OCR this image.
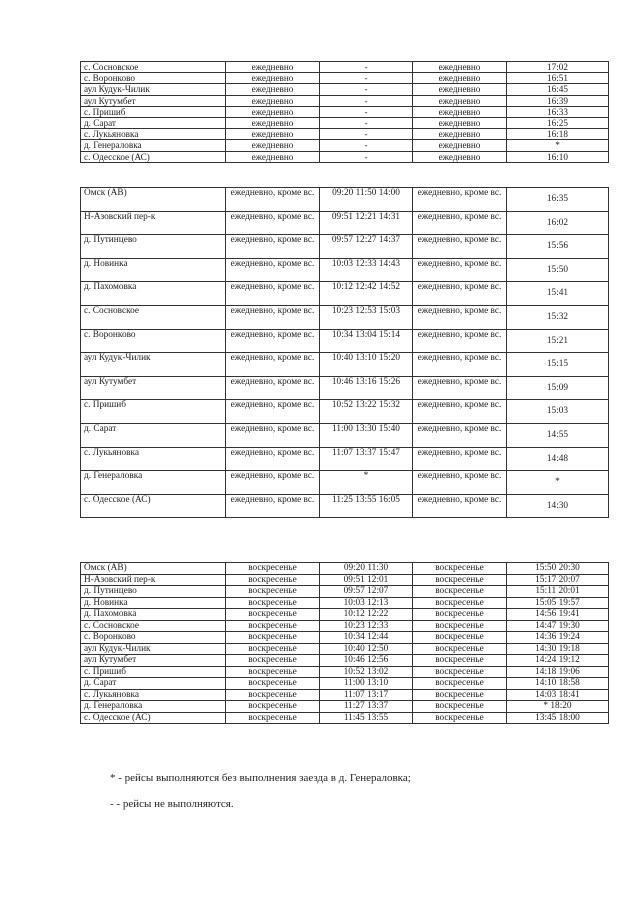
с. Сосновское	ежедневно	-	ежедневно	17:02
с. Воронково	ежедневно	-	ежедневно	16:51
аул Кудук-Чилик	ежедневно	-	ежедневно	16:45
аул Кутумбет	ежедневно	-	ежедневно	16:39
с. Пришиб	ежедневно	-	ежедневно	16:33
д. Сарат	ежедневно	-	ежедневно	16:25
с. Лукьяновка	ежедневно	-	ежедневно	16:18
д. Генераловка	ежедневно	-	ежедневно	*
с. Одесское (АС)	ежедневно	-	ежедневно	16:10
Омск (АВ)	ежедневно, кроме вс.	09:20 11:50 14:00	ежедневно, кроме вс.	16:35
Н-Азовский пер-к	ежедневно, кроме вс.	09:51 12:21 14:31	ежедневно, кроме вс.	16:02
д. Путинцево	ежедневно, кроме вс.	09:57 12:27 14:37	ежедневно, кроме вс.	15:56
д. Новинка	ежедневно, кроме вс.	10:03 12:33 14:43	ежедневно, кроме вс.	15:50
д. Пахомовка	ежедневно, кроме вс.	10:12 12:42 14:52	ежедневно, кроме вс.	15:41
с. Сосновское	ежедневно, кроме вс.	10:23 12:53 15:03	ежедневно, кроме вс.	15:32
с. Воронково	ежедневно, кроме вс.	10:34 13:04 15:14	ежедневно, кроме вс.	15:21
аул Кудук-Чилик	ежедневно, кроме вс.	10:40 13:10 15:20	ежедневно, кроме вс.	15:15
аул Кутумбет	ежедневно, кроме вс.	10:46 13:16 15:26	ежедневно, кроме вс.	15:09
с. Пришиб	ежедневно, кроме вс.	10:52 13:22 15:32	ежедневно, кроме вс.	15:03
д. Сарат	ежедневно, кроме вс.	11:00 13:30 15:40	ежедневно, кроме вс.	14:55
с. Лукьяновка	ежедневно, кроме вс.	11:07 13:37 15:47	ежедневно, кроме вс.	14:48
д. Генераловка	ежедневно, кроме вс.	*	ежедневно, кроме вс.	*
с. Одесское (АС)	ежедневно, кроме вс.	11:25 13:55 16:05	ежедневно, кроме вс.	14:30
Омск (АВ)	воскресенье	09:20 11:30	воскресенье	15:50 20:30
Н-Азовский пер-к	воскресенье	09:51 12:01	воскресенье	15:17 20:07
д. Путинцево	воскресенье	09:57 12:07	воскресенье	15:11 20:01
д. Новинка	воскресенье	10:03 12:13	воскресенье	15:05 19:57
д. Пахомовка	воскресенье	10:12 12:22	воскресенье	14:56 19:41
с. Сосновское	воскресенье	10:23 12:33	воскресенье	14:47 19:30
с. Воронково	воскресенье	10:34 12:44	воскресенье	14:36 19:24
аул Кудук-Чилик	воскресенье	10:40 12:50	воскресенье	14:30 19:18
аул Кутумбет	воскресенье	10:46 12:56	воскресенье	14:24 19:12
с. Пришиб	воскресенье	10:52 13:02	воскресенье	14:18 19:06
д. Сарат	воскресенье	11:00 13:10	воскресенье	14:10 18:58
с. Лукьяновка	воскресенье	11:07 13:17	воскресенье	14:03 18:41
д. Генераловка	воскресенье	11:27 13:37	воскресенье	* 18:20
с. Одесское (АС)	воскресенье	11:45 13:55	воскресенье	13:45 18:00
* - рейсы выполняются без выполнения заезда в д. Генераловка;
- - рейсы не выполняются.
